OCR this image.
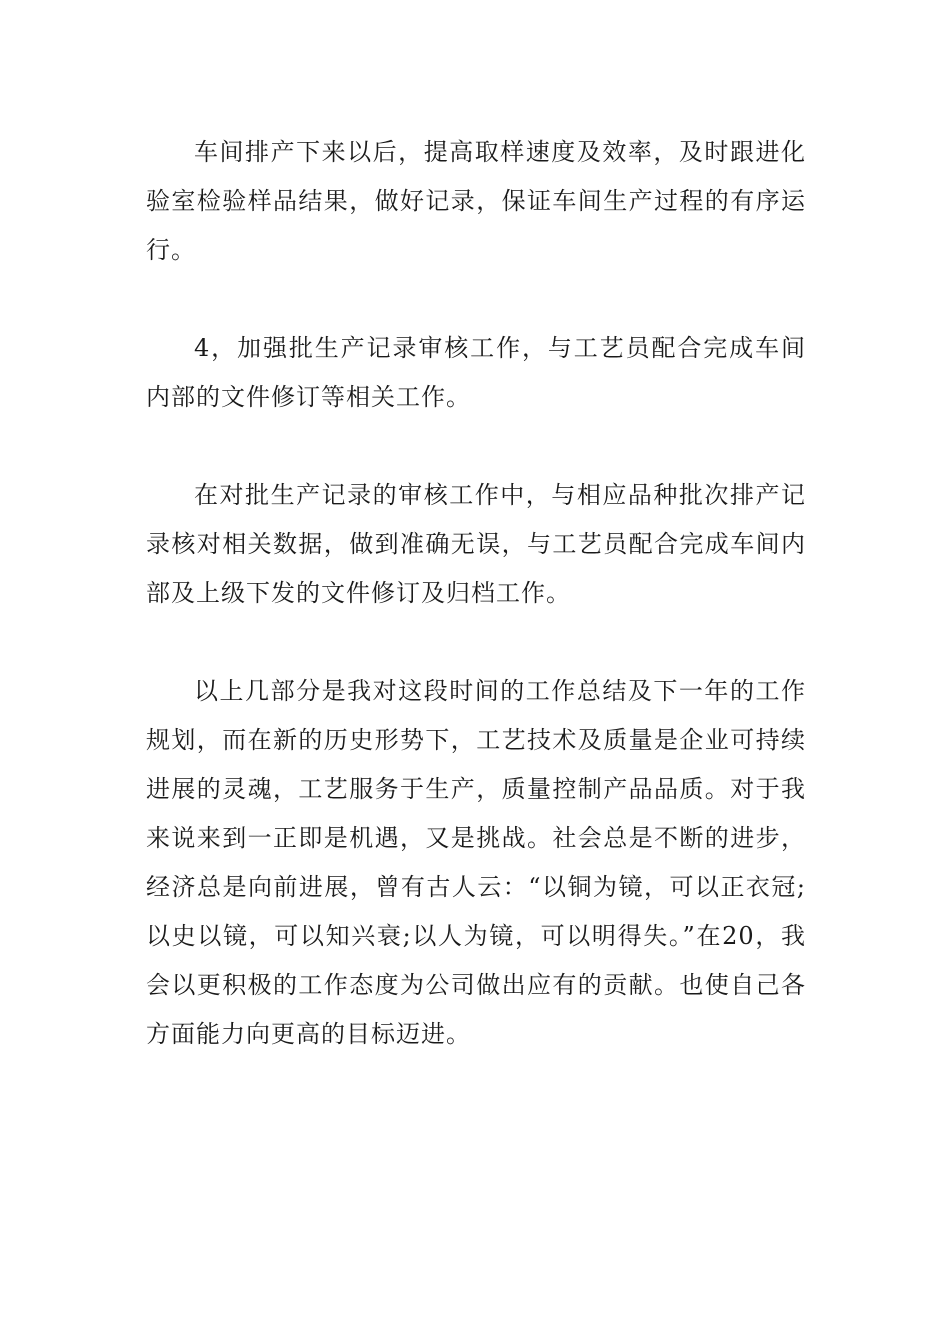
车间排产下来以后，提高取样速度及效率，及时跟进化验室检验样品结果，做好记录，保证车间生产过程的有序运行。

4，加强批生产记录审核工作，与工艺员配合完成车间内部的文件修订等相关工作。

在对批生产记录的审核工作中，与相应品种批次排产记录核对相关数据，做到准确无误，与工艺员配合完成车间内部及上级下发的文件修订及归档工作。

以上几部分是我对这段时间的工作总结及下一年的工作规划，而在新的历史形势下，工艺技术及质量是企业可持续进展的灵魂，工艺服务于生产，质量控制产品品质。对于我来说来到一正即是机遇，又是挑战。社会总是不断的进步，经济总是向前进展，曾有古人云：“以铜为镜，可以正衣冠;以史以镜，可以知兴衰;以人为镜，可以明得失。”在20，我会以更积极的工作态度为公司做出应有的贡献。也使自己各方面能力向更高的目标迈进。
